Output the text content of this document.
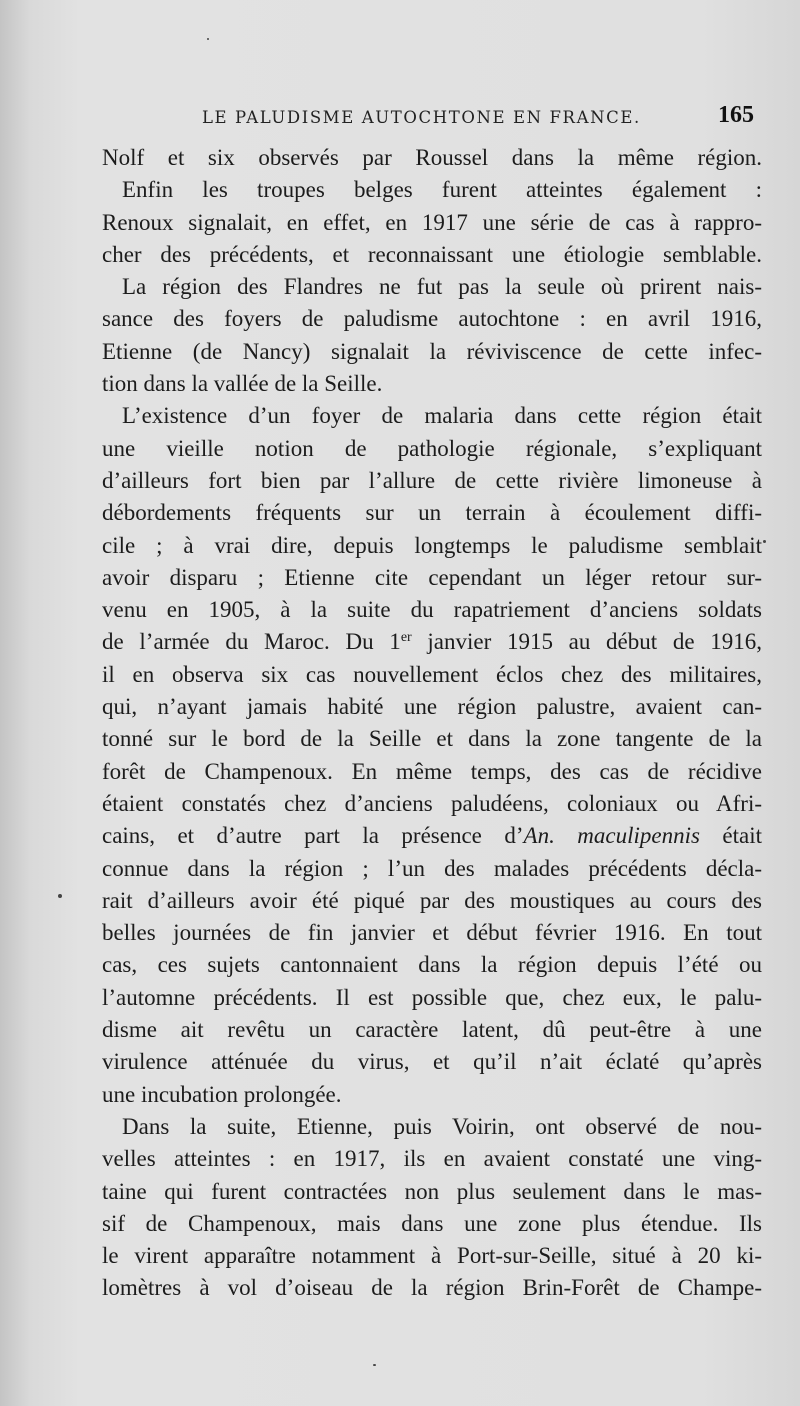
LE PALUDISME AUTOCHTONE EN FRANCE.	165
Nolf et six observés par Roussel dans la même région.
Enfin les troupes belges furent atteintes également :
Renoux signalait, en effet, en 1917 une série de cas à rappro-
cher des précédents, et reconnaissant une étiologie semblable.
La région des Flandres ne fut pas la seule où prirent nais-
sance des foyers de paludisme autochtone : en avril 1916,
Etienne (de Nancy) signalait la réviviscence de cette infec-
tion dans la vallée de la Seille.
L’existence d’un foyer de malaria dans cette région était
une vieille notion de pathologie régionale, s’expliquant
d’ailleurs fort bien par l’allure de cette rivière limoneuse à
débordements fréquents sur un terrain à écoulement diffi-
cile ; à vrai dire, depuis longtemps le paludisme semblait
avoir disparu ; Etienne cite cependant un léger retour sur-
venu en 1905, à la suite du rapatriement d’anciens soldats
de l’armée du Maroc. Du 1er janvier 1915 au début de 1916,
il en observa six cas nouvellement éclos chez des militaires,
qui, n’ayant jamais habité une région palustre, avaient can-
tonné sur le bord de la Seille et dans la zone tangente de la
forêt de Champenoux. En même temps, des cas de récidive
étaient constatés chez d’anciens paludéens, coloniaux ou Afri-
cains, et d’autre part la présence d’An. maculipennis était
connue dans la région ; l’un des malades précédents décla-
rait d’ailleurs avoir été piqué par des moustiques au cours des
belles journées de fin janvier et début février 1916. En tout
cas, ces sujets cantonnaient dans la région depuis l’été ou
l’automne précédents. Il est possible que, chez eux, le palu-
disme ait revêtu un caractère latent, dû peut-être à une
virulence atténuée du virus, et qu’il n’ait éclaté qu’après
une incubation prolongée.
Dans la suite, Etienne, puis Voirin, ont observé de nou-
velles atteintes : en 1917, ils en avaient constaté une ving-
taine qui furent contractées non plus seulement dans le mas-
sif de Champenoux, mais dans une zone plus étendue. Ils
le virent apparaître notamment à Port-sur-Seille, situé à 20 ki-
lomètres à vol d’oiseau de la région Brin-Forêt de Champe-
